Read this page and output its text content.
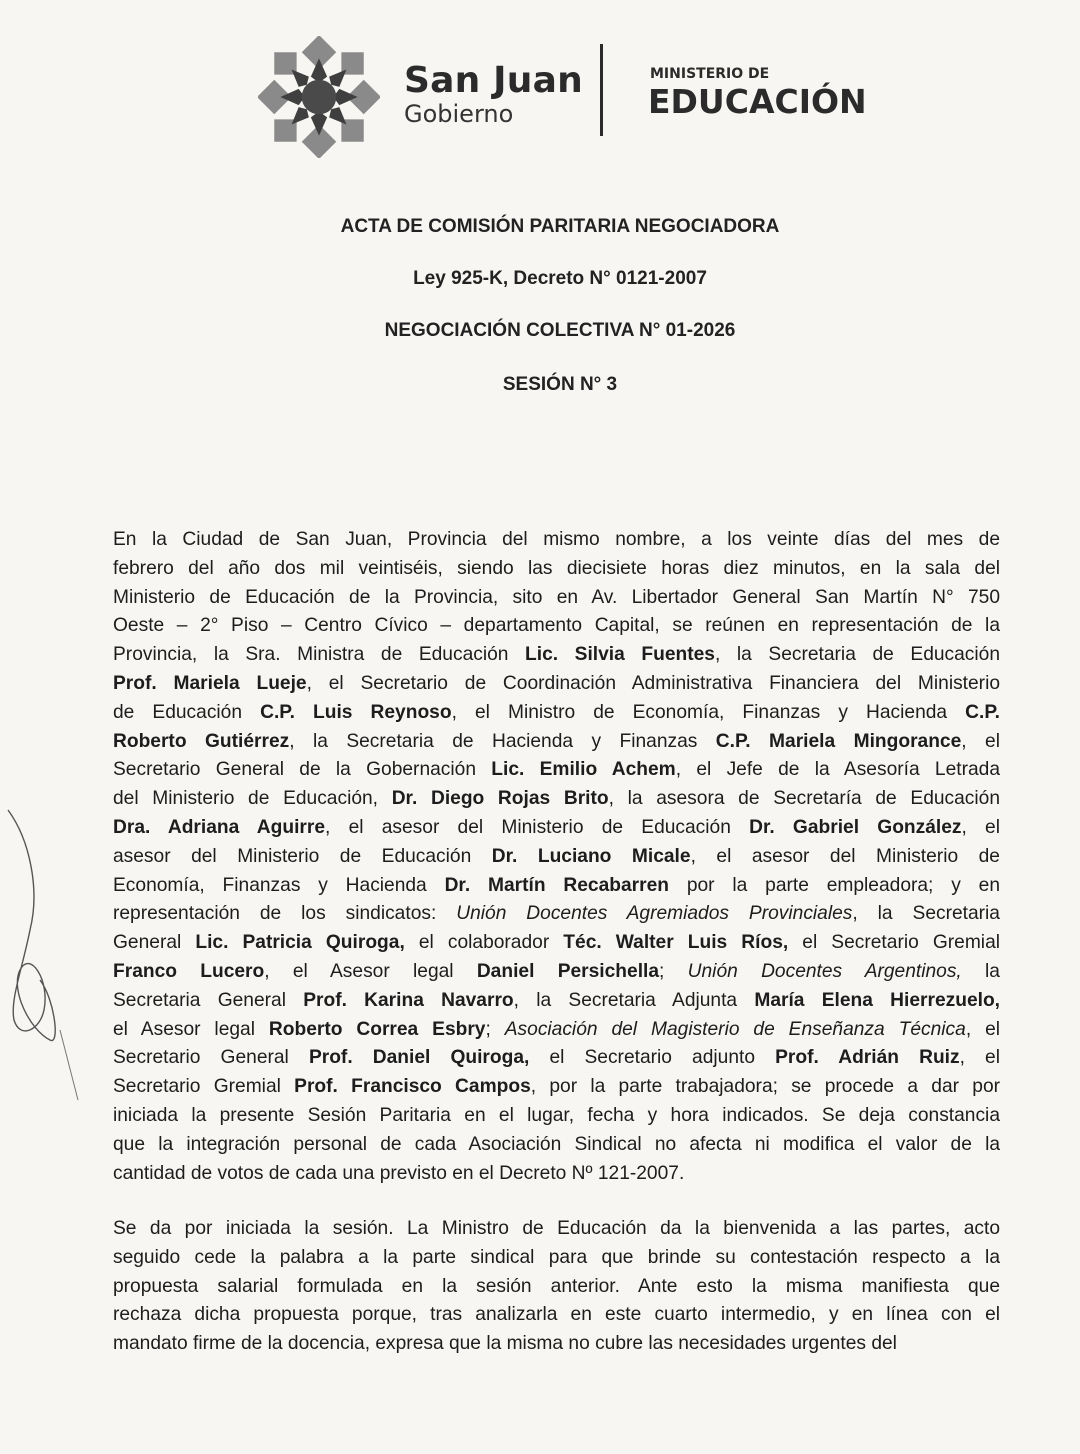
San Juan
Gobierno
MINISTERIO DE
EDUCACIÓN
ACTA DE COMISIÓN PARITARIA NEGOCIADORA
Ley 925-K, Decreto N° 0121-2007
NEGOCIACIÓN COLECTIVA N° 01-2026
SESIÓN N° 3
En la Ciudad de San Juan, Provincia del mismo nombre, a los veinte días del mes de
febrero del año dos mil veintiséis, siendo las diecisiete horas diez minutos, en la sala del
Ministerio de Educación de la Provincia, sito en Av. Libertador General San Martín N° 750
Oeste – 2° Piso – Centro Cívico – departamento Capital, se reúnen en representación de la
Provincia, la Sra. Ministra de Educación Lic. Silvia Fuentes, la Secretaria de Educación
Prof. Mariela Lueje, el Secretario de Coordinación Administrativa Financiera del Ministerio
de Educación C.P. Luis Reynoso, el Ministro de Economía, Finanzas y Hacienda C.P.
Roberto Gutiérrez, la Secretaria de Hacienda y Finanzas C.P. Mariela Mingorance, el
Secretario General de la Gobernación Lic. Emilio Achem, el Jefe de la Asesoría Letrada
del Ministerio de Educación, Dr. Diego Rojas Brito, la asesora de Secretaría de Educación
Dra. Adriana Aguirre, el asesor del Ministerio de Educación Dr. Gabriel González, el
asesor del Ministerio de Educación Dr. Luciano Micale, el asesor del Ministerio de
Economía, Finanzas y Hacienda Dr. Martín Recabarren por la parte empleadora; y en
representación de los sindicatos: Unión Docentes Agremiados Provinciales, la Secretaria
General Lic. Patricia Quiroga, el colaborador Téc. Walter Luis Ríos, el Secretario Gremial
Franco Lucero, el Asesor legal Daniel Persichella; Unión Docentes Argentinos, la
Secretaria General Prof. Karina Navarro, la Secretaria Adjunta María Elena Hierrezuelo,
el Asesor legal Roberto Correa Esbry; Asociación del Magisterio de Enseñanza Técnica, el
Secretario General Prof. Daniel Quiroga, el Secretario adjunto Prof. Adrián Ruiz, el
Secretario Gremial Prof. Francisco Campos, por la parte trabajadora; se procede a dar por
iniciada la presente Sesión Paritaria en el lugar, fecha y hora indicados. Se deja constancia
que la integración personal de cada Asociación Sindical no afecta ni modifica el valor de la
cantidad de votos de cada una previsto en el Decreto Nº 121-2007.
Se da por iniciada la sesión. La Ministro de Educación da la bienvenida a las partes, acto
seguido cede la palabra a la parte sindical para que brinde su contestación respecto a la
propuesta salarial formulada en la sesión anterior. Ante esto la misma manifiesta que
rechaza dicha propuesta porque, tras analizarla en este cuarto intermedio, y en línea con el
mandato firme de la docencia, expresa que la misma no cubre las necesidades urgentes del
